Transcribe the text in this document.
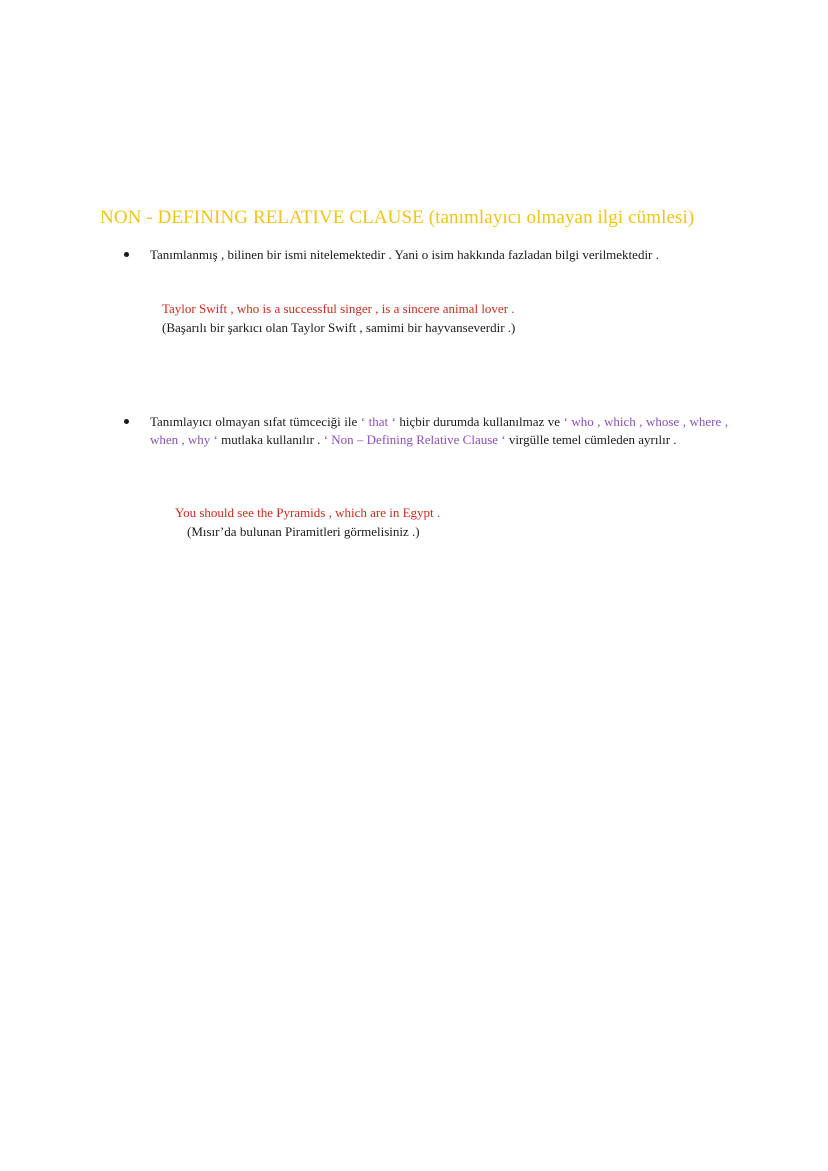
NON - DEFINING RELATIVE CLAUSE (tanımlayıcı olmayan ilgi cümlesi)
Tanımlanmış , bilinen bir ismi nitelemektedir . Yani o isim hakkında fazladan bilgi verilmektedir .
Taylor Swift , who is a successful singer , is a sincere animal lover .
(Başarılı bir şarkıcı olan Taylor Swift , samimi bir hayvanseverdir .)
Tanımlayıcı olmayan sıfat tümceciği ile ‘ that ‘ hiçbir durumda kullanılmaz ve ‘ who , which , whose , where , when , why ‘ mutlaka kullanılır . ‘ Non – Defining Relative Clause ‘ virgülle temel cümleden ayrılır .
You should see the Pyramids , which are in Egypt .
(Mısır’da bulunan Piramitleri görmelisiniz .)
